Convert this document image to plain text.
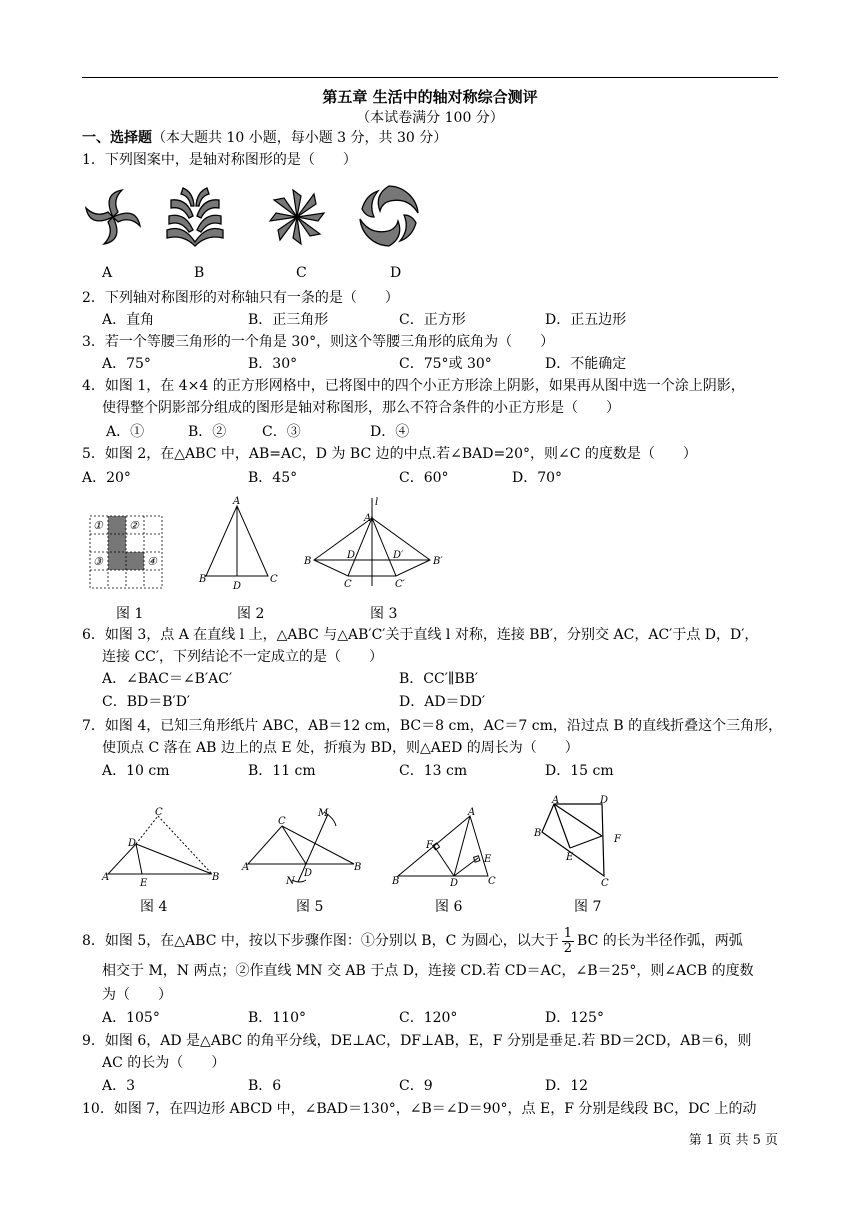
第五章 生活中的轴对称综合测评
（本试卷满分 100 分）
一、选择题（本大题共 10 小题，每小题 3 分，共 30 分）
1．下列图案中，是轴对称图形的是（　　）
A	B	C	D
2．下列轴对称图形的对称轴只有一条的是（　　）
A．直角	B．正三角形	C．正方形	D．正五边形
3．若一个等腰三角形的一个角是 30°，则这个等腰三角形的底角为（　　）
A．75°	B．30°	C．75°或 30°	D．不能确定
4．如图 1，在 4×4 的正方形网格中，已将图中的四个小正方形涂上阴影，如果再从图中选一个涂上阴影，
使得整个阴影部分组成的图形是轴对称图形，那么不符合条件的小正方形是（　　）
A．①	B．②	C．③	D．④
5．如图 2，在△ABC 中，AB=AC，D 为 BC 边的中点.若∠BAD=20°，则∠C 的度数是（　　）
A．20°	B．45°	C．60°	D．70°
① ②
③	④
A
B
D
C
l
A
B
D	D′
B′
C	C′
图 1	图 2	图 3
6．如图 3，点 A 在直线 l 上，△ABC 与△AB′C′关于直线 l 对称，连接 BB′，分别交 AC，AC′于点 D，D′，
连接 CC′，下列结论不一定成立的是（　　）
A．∠BAC＝∠B′AC′	B．CC′∥BB′
C．BD＝B′D′	D．AD＝DD′
7．如图 4，已知三角形纸片 ABC，AB＝12 cm，BC＝8 cm，AC＝7 cm，沿过点 B 的直线折叠这个三角形，
使顶点 C 落在 AB 边上的点 E 处，折痕为 BD，则△AED 的周长为（　　）
A．10 cm	B．11 cm	C．13 cm	D．15 cm
C
D
A
E
B
M
C
A
D
B
N
A
F
E
B	D	C
A	D
B
F
E
C
图 4	图 5	图 6	图 7
8．如图 5，在△ABC 中，按以下步骤作图：①分别以 B，C 为圆心，以大于 $\frac{1}{2}$ BC 的长为半径作弧，两弧
相交于 M，N 两点；②作直线 MN 交 AB 于点 D，连接 CD.若 CD＝AC，∠B＝25°，则∠ACB 的度数
为（　　）
A．105°	B．110°	C．120°	D．125°
9．如图 6，AD 是△ABC 的角平分线，DE⊥AC，DF⊥AB，E，F 分别是垂足.若 BD＝2CD，AB＝6，则
AC 的长为（　　）
A．3	B．6	C．9	D．12
10．如图 7，在四边形 ABCD 中，∠BAD＝130°，∠B＝∠D＝90°，点 E，F 分别是线段 BC，DC 上的动
第 1 页 共 5 页
